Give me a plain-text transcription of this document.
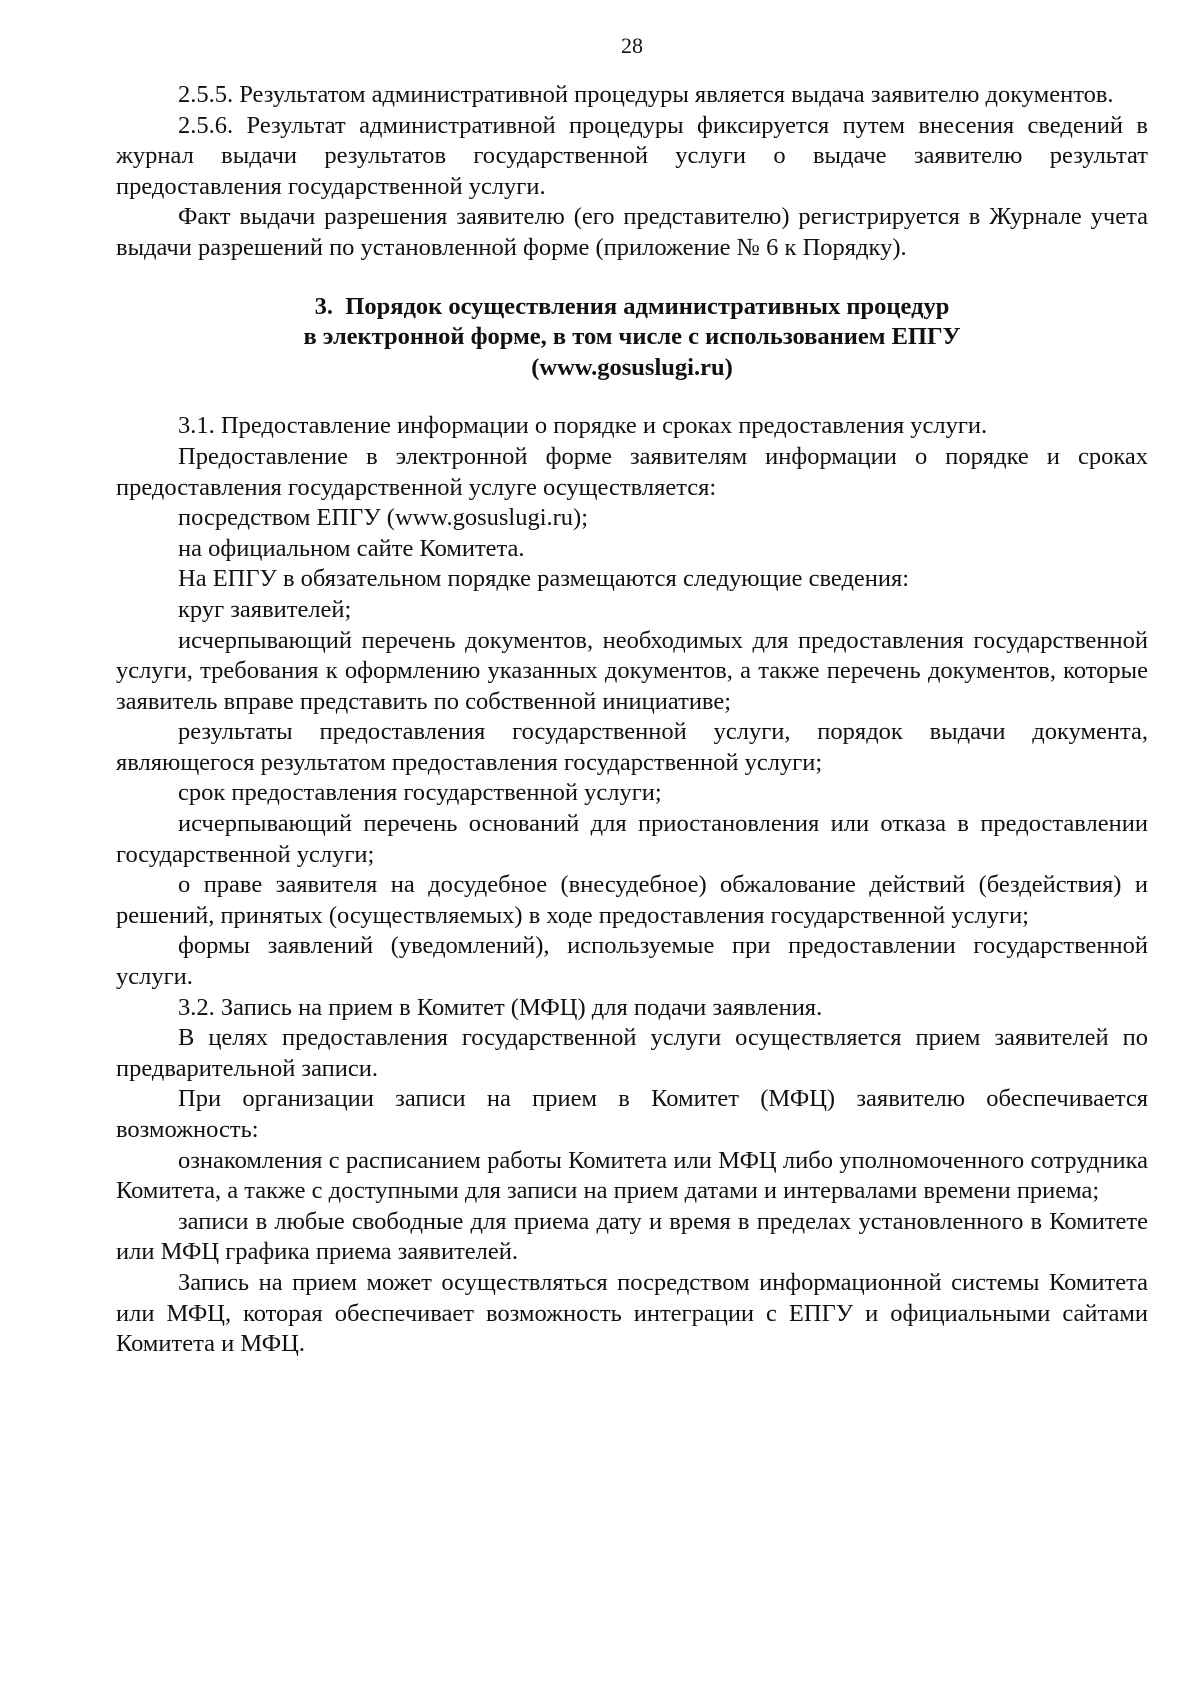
28

2.5.5. Результатом административной процедуры является выдача заявителю документов.

2.5.6. Результат административной процедуры фиксируется путем внесения сведений в журнал выдачи результатов государственной услуги о выдаче заявителю результат предоставления государственной услуги.

Факт выдачи разрешения заявителю (его представителю) регистрируется в Журнале учета выдачи разрешений по установленной форме (приложение № 6 к Порядку).

3. Порядок осуществления административных процедур
в электронной форме, в том числе с использованием ЕПГУ
(www.gosuslugi.ru)

3.1. Предоставление информации о порядке и сроках предоставления услуги.

Предоставление в электронной форме заявителям информации о порядке и сроках предоставления государственной услуге осуществляется:

посредством ЕПГУ (www.gosuslugi.ru);

на официальном сайте Комитета.

На ЕПГУ в обязательном порядке размещаются следующие сведения:

круг заявителей;

исчерпывающий перечень документов, необходимых для предоставления государственной услуги, требования к оформлению указанных документов, а также перечень документов, которые заявитель вправе представить по собственной инициативе;

результаты предоставления государственной услуги, порядок выдачи документа, являющегося результатом предоставления государственной услуги;

срок предоставления государственной услуги;

исчерпывающий перечень оснований для приостановления или отказа в предоставлении государственной услуги;

о праве заявителя на досудебное (внесудебное) обжалование действий (бездействия) и решений, принятых (осуществляемых) в ходе предоставления государственной услуги;

формы заявлений (уведомлений), используемые при предоставлении государственной услуги.

3.2. Запись на прием в Комитет (МФЦ) для подачи заявления.

В целях предоставления государственной услуги осуществляется прием заявителей по предварительной записи.

При организации записи на прием в Комитет (МФЦ) заявителю обеспечивается возможность:

ознакомления с расписанием работы Комитета или МФЦ либо уполномоченного сотрудника Комитета, а также с доступными для записи на прием датами и интервалами времени приема;

записи в любые свободные для приема дату и время в пределах установленного в Комитете или МФЦ графика приема заявителей.

Запись на прием может осуществляться посредством информационной системы Комитета или МФЦ, которая обеспечивает возможность интеграции с ЕПГУ и официальными сайтами Комитета и МФЦ.
